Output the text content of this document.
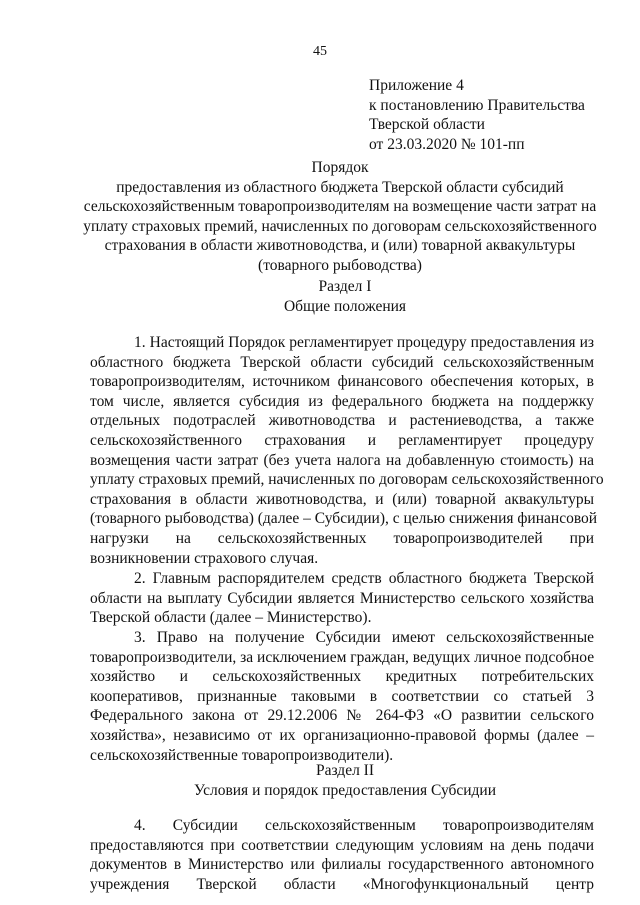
45
Приложение 4
к постановлению Правительства
Тверской области
от 23.03.2020 № 101-пп
Порядок
предоставления из областного бюджета Тверской области субсидий
сельскохозяйственным товаропроизводителям на возмещение части затрат на
уплату страховых премий, начисленных по договорам сельскохозяйственного
страхования в области животноводства, и (или) товарной аквакультуры
(товарного рыбоводства)
Раздел I
Общие положения
1. Настоящий Порядок регламентирует процедуру предоставления из
областного бюджета Тверской области субсидий сельскохозяйственным
товаропроизводителям, источником финансового обеспечения которых, в
том числе, является субсидия из федерального бюджета на поддержку
отдельных подотраслей животноводства и растениеводства, а также
сельскохозяйственного страхования и регламентирует процедуру
возмещения части затрат (без учета налога на добавленную стоимость) на
уплату страховых премий, начисленных по договорам сельскохозяйственного
страхования в области животноводства, и (или) товарной аквакультуры
(товарного рыбоводства) (далее – Субсидии), с целью снижения финансовой
нагрузки на сельскохозяйственных товаропроизводителей при
возникновении страхового случая.
2. Главным распорядителем средств областного бюджета Тверской
области на выплату Субсидии является Министерство сельского хозяйства
Тверской области (далее – Министерство).
3. Право на получение Субсидии имеют сельскохозяйственные
товаропроизводители, за исключением граждан, ведущих личное подсобное
хозяйство и сельскохозяйственных кредитных потребительских
кооперативов, признанные таковыми в соответствии со статьей 3
Федерального закона от 29.12.2006 № 264-ФЗ «О развитии сельского
хозяйства», независимо от их организационно-правовой формы (далее –
сельскохозяйственные товаропроизводители).
Раздел II
Условия и порядок предоставления Субсидии
4. Субсидии сельскохозяйственным товаропроизводителям
предоставляются при соответствии следующим условиям на день подачи
документов в Министерство или филиалы государственного автономного
учреждения Тверской области «Многофункциональный центр
